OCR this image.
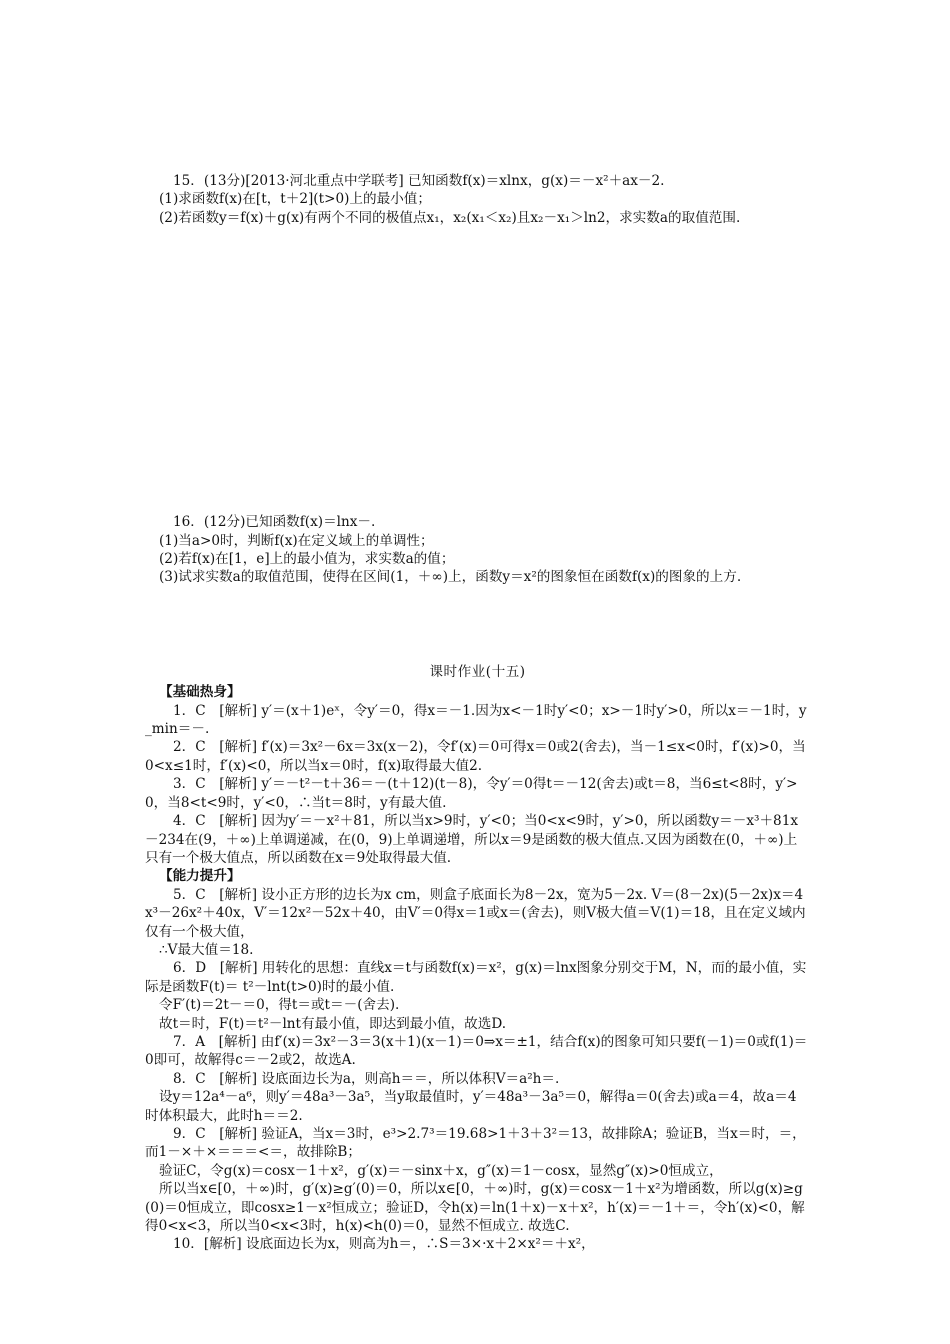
15．(13分)[2013·河北重点中学联考] 已知函数f(x)＝xlnx，g(x)＝－x²＋ax－2.

(1)求函数f(x)在[t，t＋2](t>0)上的最小值；

(2)若函数y＝f(x)＋g(x)有两个不同的极值点x₁，x₂(x₁＜x₂)且x₂－x₁＞ln2，求实数a的取值范围.

16．(12分)已知函数f(x)＝lnx－.

(1)当a>0时，判断f(x)在定义域上的单调性；

(2)若f(x)在[1，e]上的最小值为，求实数a的值；

(3)试求实数a的取值范围，使得在区间(1，＋∞)上，函数y＝x²的图象恒在函数f(x)的图象的上方.

课时作业(十五)

【基础热身】

1．C　[解析] y′＝(x＋1)eˣ，令y′＝0，得x＝－1.因为x<－1时y′<0；x>－1时y′>0，所以x＝－1时，y_min＝－.

2．C　[解析] f′(x)＝3x²－6x＝3x(x－2)，令f′(x)＝0可得x＝0或2(舍去)，当－1≤x<0时，f′(x)>0，当0<x≤1时，f′(x)<0，所以当x＝0时，f(x)取得最大值2.

3．C　[解析] y′＝－t²－t＋36＝－(t＋12)(t－8)，令y′＝0得t＝－12(舍去)或t＝8，当6≤t<8时，y′>0，当8<t<9时，y′<0，∴当t＝8时，y有最大值.

4．C　[解析] 因为y′＝－x²＋81，所以当x>9时，y′<0；当0<x<9时，y′>0，所以函数y＝－x³＋81x－234在(9，＋∞)上单调递减，在(0，9)上单调递增，所以x＝9是函数的极大值点.又因为函数在(0，＋∞)上只有一个极大值点，所以函数在x＝9处取得最大值.

【能力提升】

5．C　[解析] 设小正方形的边长为x cm，则盒子底面长为8－2x，宽为5－2x. V＝(8－2x)(5－2x)x＝4x³－26x²＋40x，V′＝12x²－52x＋40，由V′＝0得x＝1或x＝(舍去)，则V极大值＝V(1)＝18，且在定义域内仅有一个极大值，

∴V最大值＝18.

6．D　[解析] 用转化的思想：直线x＝t与函数f(x)＝x²，g(x)＝lnx图象分别交于M，N，而的最小值，实际是函数F(t)＝ t²－lnt(t>0)时的最小值.

令F′(t)＝2t－＝0，得t＝或t＝－(舍去).

故t＝时，F(t)＝t²－lnt有最小值，即达到最小值，故选D.

7．A　[解析] 由f′(x)＝3x²－3＝3(x＋1)(x－1)＝0⇒x＝±1，结合f(x)的图象可知只要f(－1)＝0或f(1)＝0即可，故解得c＝－2或2，故选A.

8．C　[解析] 设底面边长为a，则高h＝＝，所以体积V＝a²h＝.

设y＝12a⁴－a⁶，则y′＝48a³－3a⁵，当y取最值时，y′＝48a³－3a⁵＝0，解得a＝0(舍去)或a＝4，故a＝4时体积最大，此时h＝＝2.

9．C　[解析] 验证A，当x＝3时，e³>2.7³＝19.68>1＋3＋3²＝13，故排除A；验证B，当x＝时，＝，而1－×＋×＝＝＝<＝，故排除B；

验证C，令g(x)＝cosx－1＋x²，g′(x)＝－sinx＋x，g″(x)＝1－cosx，显然g″(x)>0恒成立，

所以当x∈[0，＋∞)时，g′(x)≥g′(0)＝0，所以x∈[0，＋∞)时，g(x)＝cosx－1＋x²为增函数，所以g(x)≥g(0)＝0恒成立，即cosx≥1－x²恒成立；验证D，令h(x)＝ln(1＋x)－x＋x²，h′(x)＝－1＋＝，令h′(x)<0，解得0<x<3，所以当0<x<3时，h(x)<h(0)＝0，显然不恒成立. 故选C.

10．[解析] 设底面边长为x，则高为h＝，∴S＝3×·x＋2×x²＝＋x²，
